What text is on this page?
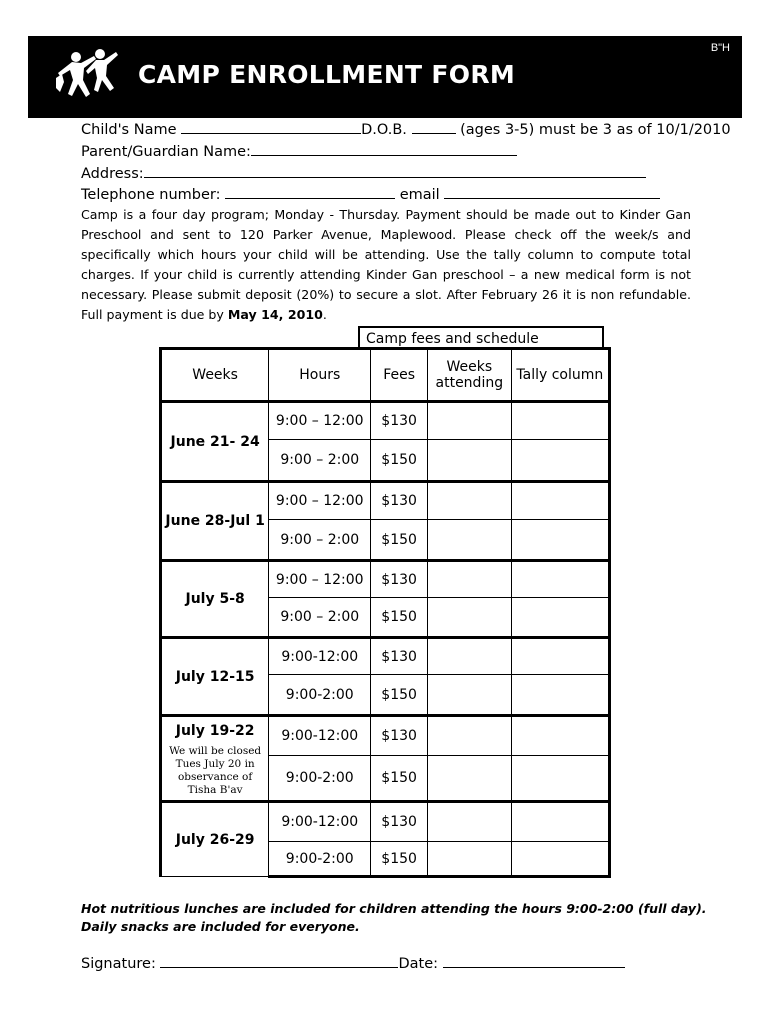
B"H
CAMP ENROLLMENT FORM
Child's Name	D.O.B.	(ages 3-5) must be 3 as of 10/1/2010
Parent/Guardian Name:
Address:
Telephone number:	email
Camp is a four day program; Monday - Thursday. Payment should be made out to Kinder Gan Preschool and sent to 120 Parker Avenue, Maplewood. Please check off the week/s and specifically which hours your child will be attending. Use the tally column to compute total charges. If your child is currently attending Kinder Gan preschool – a new medical form is not necessary. Please submit deposit (20%) to secure a slot. After February 26 it is non refundable. Full payment is due by May 14, 2010.
Camp fees and schedule
Weeks	Hours	Fees	Weeks attending	Tally column
June 21- 24	9:00 – 12:00	$130		
	9:00 – 2:00	$150		
June 28-Jul 1	9:00 – 12:00	$130		
	9:00 – 2:00	$150		
July 5-8	9:00 – 12:00	$130		
	9:00 – 2:00	$150		
July 12-15	9:00-12:00	$130		
	9:00-2:00	$150		
July 19-22
We will be closed Tues July 20 in observance of Tisha B'av	9:00-12:00	$130		
	9:00-2:00	$150		
July 26-29	9:00-12:00	$130		
	9:00-2:00	$150		
Hot nutritious lunches are included for children attending the hours 9:00-2:00 (full day).
Daily snacks are included for everyone.
Signature:	Date:
